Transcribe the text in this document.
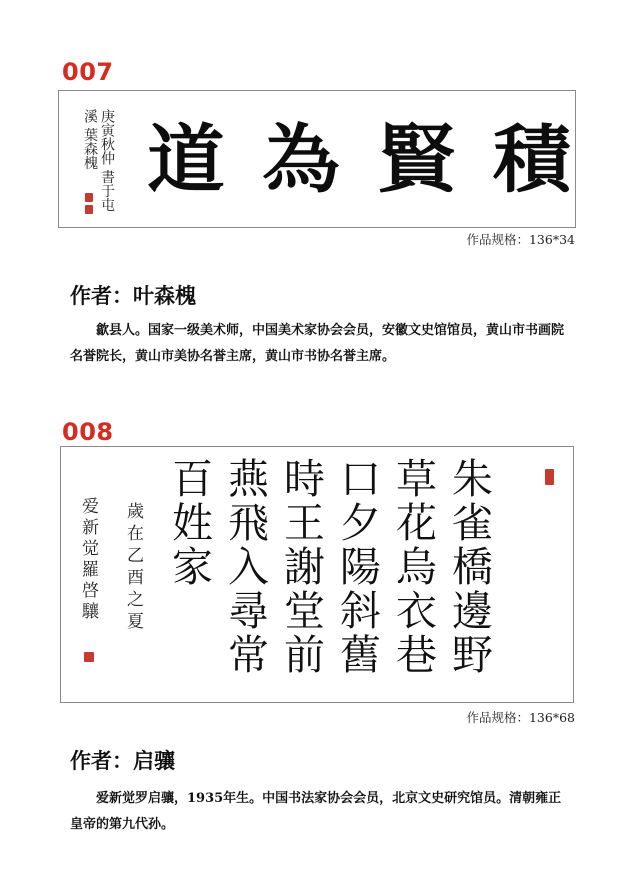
007
庚寅秋仲 書于屯溪 葉森槐 道 為 賢 積
作品规格：136*34
作者：叶森槐

歙县人。国家一级美术师，中国美术家协会会员，安徽文史馆馆员，黄山市书画院名誉院长，黄山市美协名誉主席，黄山市书协名誉主席。

008
朱雀橋邊野 草花烏衣巷 口夕陽斜舊 時王謝堂前 燕飛入尋常 百姓家
歲在乙酉之夏
爱新觉羅啓驤
作品规格：136*68
作者：启骧

爱新觉罗启骧，1935年生。中国书法家协会会员，北京文史研究馆员。清朝雍正皇帝的第九代孙。
